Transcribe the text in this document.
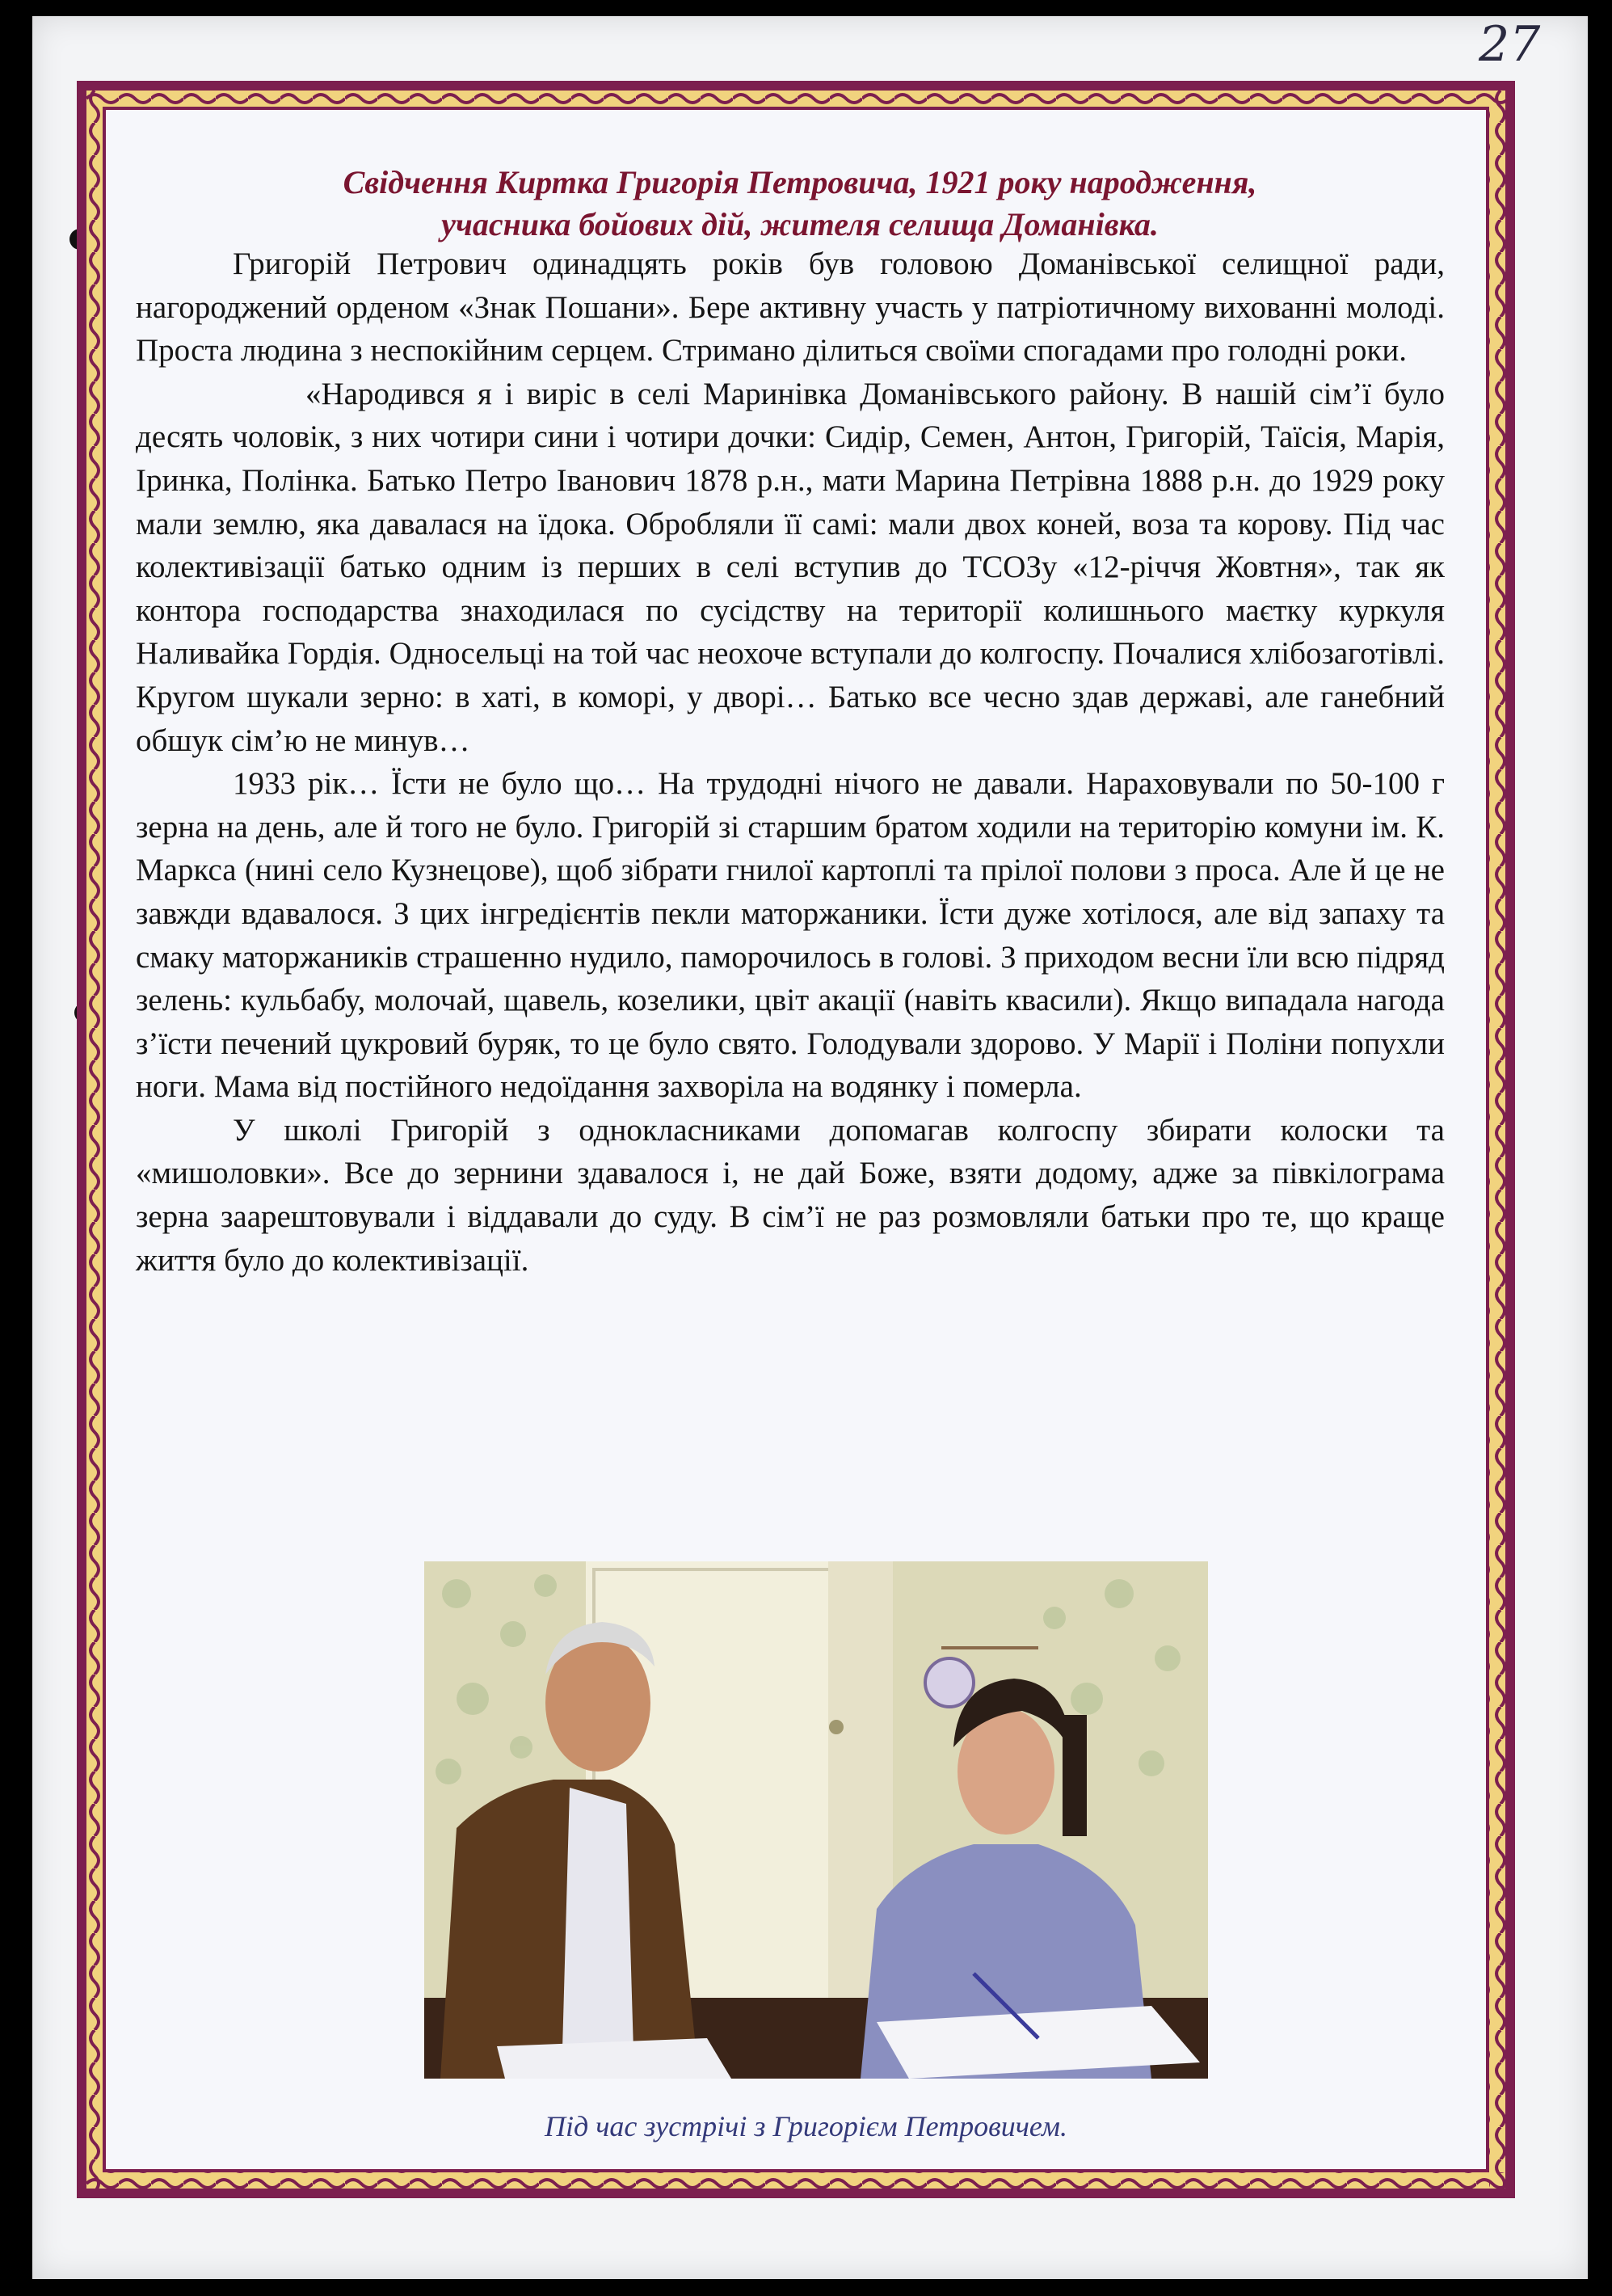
27
Свідчення Киртка Григорія Петровича, 1921 року народження,
учасника бойових дій, жителя селища Доманівка.

Григорій Петрович одинадцять років був головою Доманівської селищної ради, нагороджений орденом «Знак Пошани». Бере активну участь у патріотичному вихованні молоді. Проста людина з неспокійним серцем. Стримано ділиться своїми спогадами про голодні роки.

«Народився я і виріс в селі Маринівка Доманівського району. В нашій сім’ї було десять чоловік, з них чотири сини і чотири дочки: Сидір, Семен, Антон, Григорій, Таїсія, Марія, Іринка, Полінка. Батько Петро Іванович 1878 р.н., мати Марина Петрівна 1888 р.н. до 1929 року мали землю, яка давалася на їдока. Обробляли її самі: мали двох коней, воза та корову. Під час колективізації батько одним із перших в селі вступив до ТСОЗу «12-річчя Жовтня», так як контора господарства знаходилася по сусідству на території колишнього маєтку куркуля Наливайка Гордія. Односельці на той час неохоче вступали до колгоспу. Почалися хлібозаготівлі. Кругом шукали зерно: в хаті, в коморі, у дворі… Батько все чесно здав державі, але ганебний обшук сім’ю не минув…

1933 рік… Їсти не було що… На трудодні нічого не давали. Нараховували по 50-100 г зерна на день, але й того не було. Григорій зі старшим братом ходили на територію комуни ім. К. Маркса (нині село Кузнецове), щоб зібрати гнилої картоплі та прілої полови з проса. Але й це не завжди вдавалося. З цих інгредієнтів пекли маторжаники. Їсти дуже хотілося, але від запаху та смаку маторжаників страшенно нудило, паморочилось в голові. З приходом весни їли всю підряд зелень: кульбабу, молочай, щавель, козелики, цвіт акації (навіть квасили). Якщо випадала нагода з’їсти печений цукровий буряк, то це було свято. Голодували здорово. У Марії і Поліни попухли ноги. Мама від постійного недоїдання захворіла на водянку і померла.

У школі Григорій з однокласниками допомагав колгоспу збирати колоски та «мишоловки». Все до зернини здавалося і, не дай Боже, взяти додому, адже за півкілограма зерна заарештовували і віддавали до суду. В сім’ї не раз розмовляли батьки про те, що краще життя було до колективізації.

Під час зустрічі з Григорієм Петровичем.
